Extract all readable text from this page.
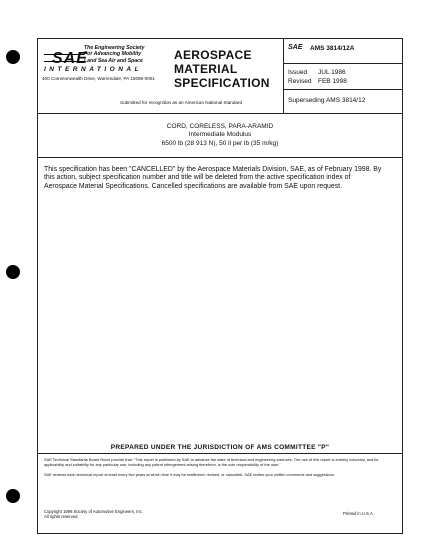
SAE
The Engineering Society
For Advancing Mobility
Land Sea Air and Space
INTERNATIONAL
400 Commonwealth Drive, Warrendale, PA 15096-0001
AEROSPACE
MATERIAL
SPECIFICATION
Submitted for recognition as an American National Standard
SAE AMS 3814/12A
Issued JUL 1986
Revised FEB 1998
Superseding AMS 3814/12
CORD, CORELESS, PARA-ARAMID
Intermediate Modulus
6500 lb (28 913 N), 50 ll per lb (35 m/kg)
This specification has been "CANCELLED" by the Aerospace Materials Division, SAE, as of February 1998. By this action, subject specification number and title will be deleted from the active specification index of Aerospace Material Specifications. Cancelled specifications are available from SAE upon request.
PREPARED UNDER THE JURISDICTION OF AMS COMMITTEE "P"
SAE Technical Standards Board Rules provide that: "This report is published by SAE to advance the state of technical and engineering sciences. The use of this report is entirely voluntary, and its applicability and suitability for any particular use, including any patent infringement arising therefrom, is the sole responsibility of the user."
SAE reviews each technical report at least every five years at which time it may be reaffirmed, revised, or cancelled. SAE invites your written comments and suggestions.
Copyright 1998 Society of Automotive Engineers, Inc.
All rights reserved.
Printed in U.S.A.
